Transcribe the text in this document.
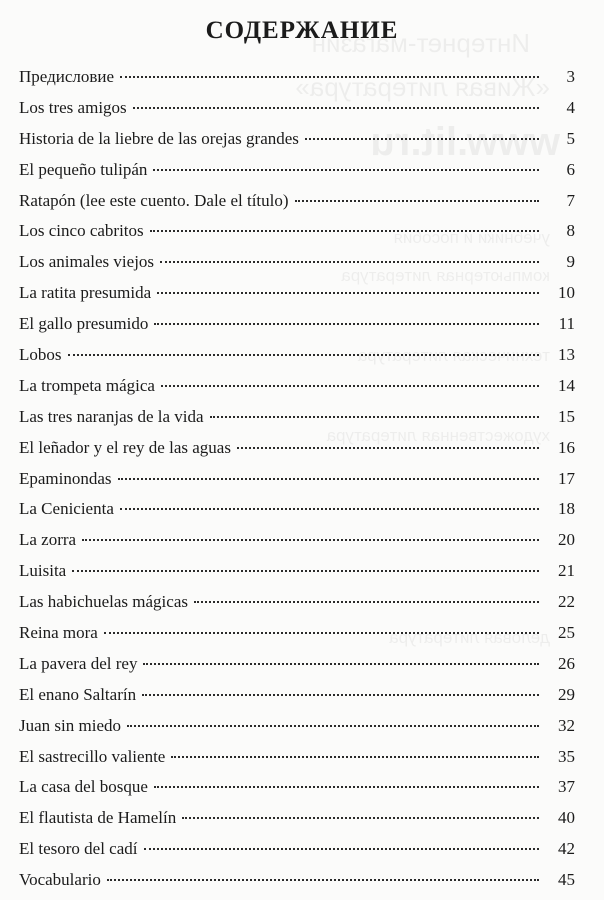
Интернет-магазин
«Живая литература»
www.lit.ru
учебники и пособия
компьютерная литература
техническая литература
художественная литература
деловая литература
СОДЕРЖАНИЕ
Предисловие	3
Los tres amigos	4
Historia de la liebre de las orejas grandes	5
El pequeño tulipán	6
Ratapón (lee este cuento. Dale el título)	7
Los cinco cabritos	8
Los animales viejos	9
La ratita presumida	10
El gallo presumido	11
Lobos	13
La trompeta mágica	14
Las tres naranjas de la vida	15
El leñador y el rey de las aguas	16
Epaminondas	17
La Cenicienta	18
La zorra	20
Luisita	21
Las habichuelas mágicas	22
Reina mora	25
La pavera del rey	26
El enano Saltarín	29
Juan sin miedo	32
El sastrecillo valiente	35
La casa del bosque	37
El flautista de Hamelín	40
El tesoro del cadí	42
Vocabulario	45
